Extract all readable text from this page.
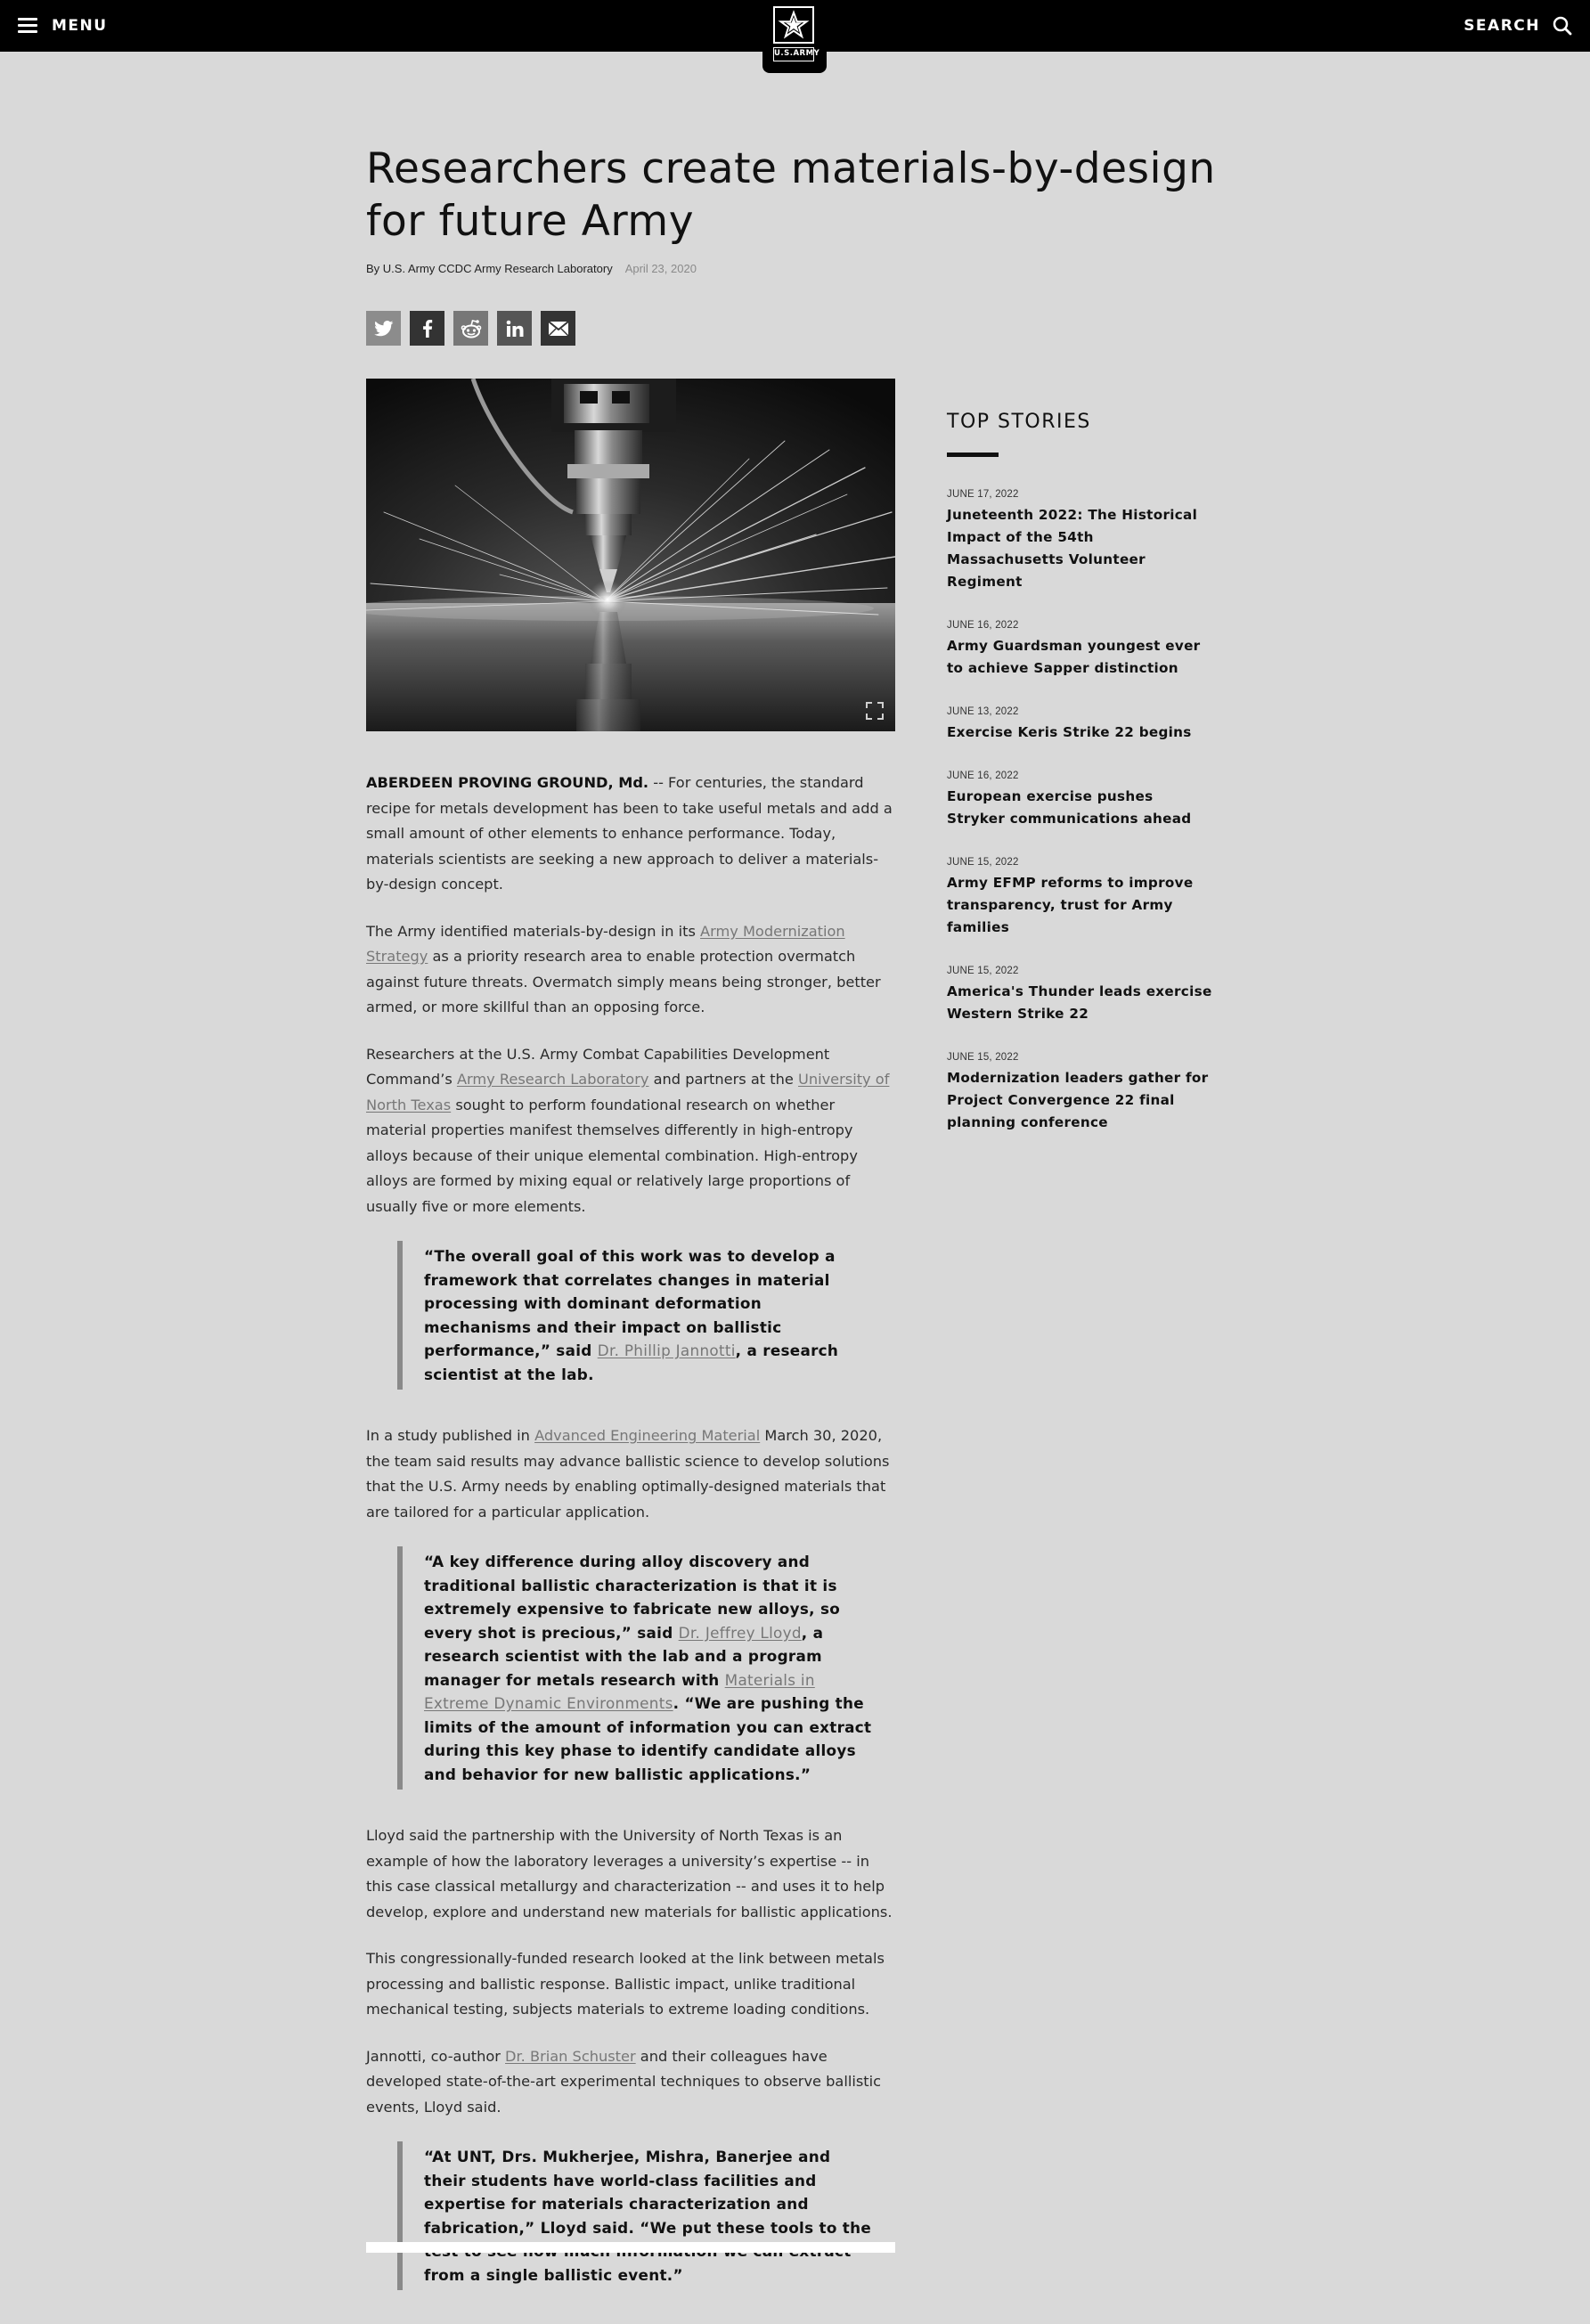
MENU	SEARCH
U.S.ARMY
Researchers create materials-by-design for future Army
By U.S. Army CCDC Army Research Laboratory April 23, 2020

ABERDEEN PROVING GROUND, Md. -- For centuries, the standard recipe for metals development has been to take useful metals and add a small amount of other elements to enhance performance. Today, materials scientists are seeking a new approach to deliver a materials-by-design concept.

The Army identified materials-by-design in its Army Modernization Strategy as a priority research area to enable protection overmatch against future threats. Overmatch simply means being stronger, better armed, or more skillful than an opposing force.

Researchers at the U.S. Army Combat Capabilities Development Command’s Army Research Laboratory and partners at the University of North Texas sought to perform foundational research on whether material properties manifest themselves differently in high-entropy alloys because of their unique elemental combination. High-entropy alloys are formed by mixing equal or relatively large proportions of usually five or more elements.

“The overall goal of this work was to develop a framework that correlates changes in material processing with dominant deformation mechanisms and their impact on ballistic performance,” said Dr. Phillip Jannotti, a research scientist at the lab.

In a study published in Advanced Engineering Material March 30, 2020, the team said results may advance ballistic science to develop solutions that the U.S. Army needs by enabling optimally-designed materials that are tailored for a particular application.

“A key difference during alloy discovery and traditional ballistic characterization is that it is extremely expensive to fabricate new alloys, so every shot is precious,” said Dr. Jeffrey Lloyd, a research scientist with the lab and a program manager for metals research with Materials in Extreme Dynamic Environments. “We are pushing the limits of the amount of information you can extract during this key phase to identify candidate alloys and behavior for new ballistic applications.”

Lloyd said the partnership with the University of North Texas is an example of how the laboratory leverages a university’s expertise -- in this case classical metallurgy and characterization -- and uses it to help develop, explore and understand new materials for ballistic applications.

This congressionally-funded research looked at the link between metals processing and ballistic response. Ballistic impact, unlike traditional mechanical testing, subjects materials to extreme loading conditions.

Jannotti, co-author Dr. Brian Schuster and their colleagues have developed state-of-the-art experimental techniques to observe ballistic events, Lloyd said.

“At UNT, Drs. Mukherjee, Mishra, Banerjee and their students have world-class facilities and expertise for materials characterization and fabrication,” Lloyd said. “We put these tools to the from a single ballistic event.”
TOP STORIES
JUNE 17, 2022
Juneteenth 2022: The Historical Impact of the 54th Massachusetts Volunteer Regiment
JUNE 16, 2022
Army Guardsman youngest ever to achieve Sapper distinction
JUNE 13, 2022
Exercise Keris Strike 22 begins
JUNE 16, 2022
European exercise pushes Stryker communications ahead
JUNE 15, 2022
Army EFMP reforms to improve transparency, trust for Army families
JUNE 15, 2022
America's Thunder leads exercise Western Strike 22
JUNE 15, 2022
Modernization leaders gather for Project Convergence 22 final planning conference
